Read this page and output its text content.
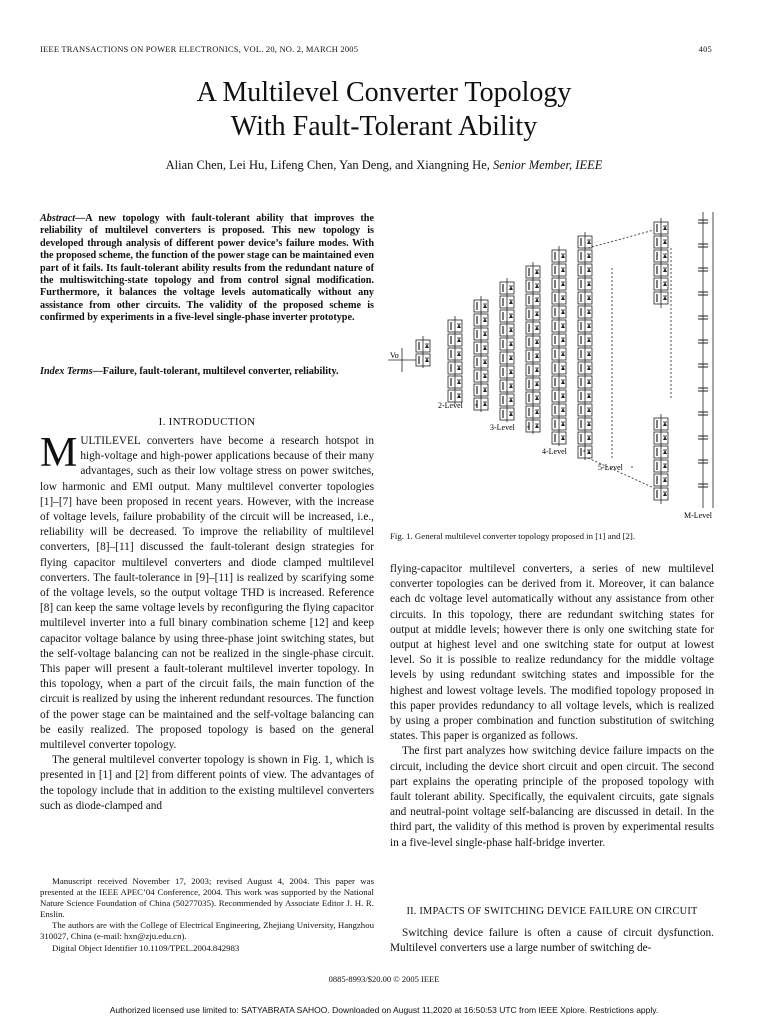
IEEE TRANSACTIONS ON POWER ELECTRONICS, VOL. 20, NO. 2, MARCH 2005	405
A Multilevel Converter Topology
With Fault-Tolerant Ability
Alian Chen, Lei Hu, Lifeng Chen, Yan Deng, and Xiangning He, Senior Member, IEEE
Abstract—A new topology with fault-tolerant ability that improves the reliability of multilevel converters is proposed. This new topology is developed through analysis of different power device’s failure modes. With the proposed scheme, the function of the power stage can be maintained even part of it fails. Its fault-tolerant ability results from the redundant nature of the multiswitching-state topology and from control signal modification. Furthermore, it balances the voltage levels automatically without any assistance from other circuits. The validity of the proposed scheme is confirmed by experiments in a five-level single-phase inverter prototype.
Index Terms—Failure, fault-tolerant, multilevel converter, reliability.
I. INTRODUCTION

MULTILEVEL converters have become a research hotspot in high-voltage and high-power applications because of their many advantages, such as their low voltage stress on power switches, low harmonic and EMI output. Many multilevel converter topologies [1]–[7] have been proposed in recent years. However, with the increase of voltage levels, failure probability of the circuit will be increased, i.e., reliability will be decreased. To improve the reliability of multilevel converters, [8]–[11] discussed the fault-tolerant design strategies for flying capacitor multilevel converters and diode clamped multilevel converters. The fault-tolerance in [9]–[11] is realized by scarifying some of the voltage levels, so the output voltage THD is increased. Reference [8] can keep the same voltage levels by reconfiguring the flying capacitor multilevel inverter into a full binary combination scheme [12] and keep capacitor voltage balance by using three-phase joint switching states, but the self-voltage balancing can not be realized in the single-phase circuit. This paper will present a fault-tolerant multilevel inverter topology. In this topology, when a part of the circuit fails, the main function of the circuit is realized by using the inherent redundant resources. The function of the power stage can be maintained and the self-voltage balancing can be easily realized. The proposed topology is based on the general multilevel converter topology.

The general multilevel converter topology is shown in Fig. 1, which is presented in [1] and [2] from different points of view. The advantages of the topology include that in addition to the existing multilevel converters such as diode-clamped and

Manuscript received November 17, 2003; revised August 4, 2004. This paper was presented at the IEEE APEC’04 Conference, 2004. This work was supported by the National Nature Science Foundation of China (50277035). Recommended by Associate Editor J. H. R. Enslin.

The authors are with the College of Electrical Engineering, Zhejiang University, Hangzhou 310027, China (e-mail: hxn@zju.edu.cn).

Digital Object Identifier 10.1109/TPEL.2004.842983

Vo
2-Level
3-Level
4-Level
5-Level
M-Level
Fig. 1. General multilevel converter topology proposed in [1] and [2].

flying-capacitor multilevel converters, a series of new multilevel converter topologies can be derived from it. Moreover, it can balance each dc voltage level automatically without any assistance from other circuits. In this topology, there are redundant switching states for output at middle levels; however there is only one switching state for output at highest level and one switching state for output at lowest level. So it is possible to realize redundancy for the middle voltage levels by using redundant switching states and impossible for the highest and lowest voltage levels. The modified topology proposed in this paper provides redundancy to all voltage levels, which is realized by using a proper combination and function substitution of switching states. This paper is organized as follows.

The first part analyzes how switching device failure impacts on the circuit, including the device short circuit and open circuit. The second part explains the operating principle of the proposed topology with fault tolerant ability. Specifically, the equivalent circuits, gate signals and neutral-point voltage self-balancing are discussed in detail. In the third part, the validity of this method is proven by experimental results in a five-level single-phase half-bridge inverter.

II. IMPACTS OF SWITCHING DEVICE FAILURE ON CIRCUIT

Switching device failure is often a cause of circuit dysfunction. Multilevel converters use a large number of switching de-

0885-8993/$20.00 © 2005 IEEE
Authorized licensed use limited to: SATYABRATA SAHOO. Downloaded on August 11,2020 at 16:50:53 UTC from IEEE Xplore. Restrictions apply.
